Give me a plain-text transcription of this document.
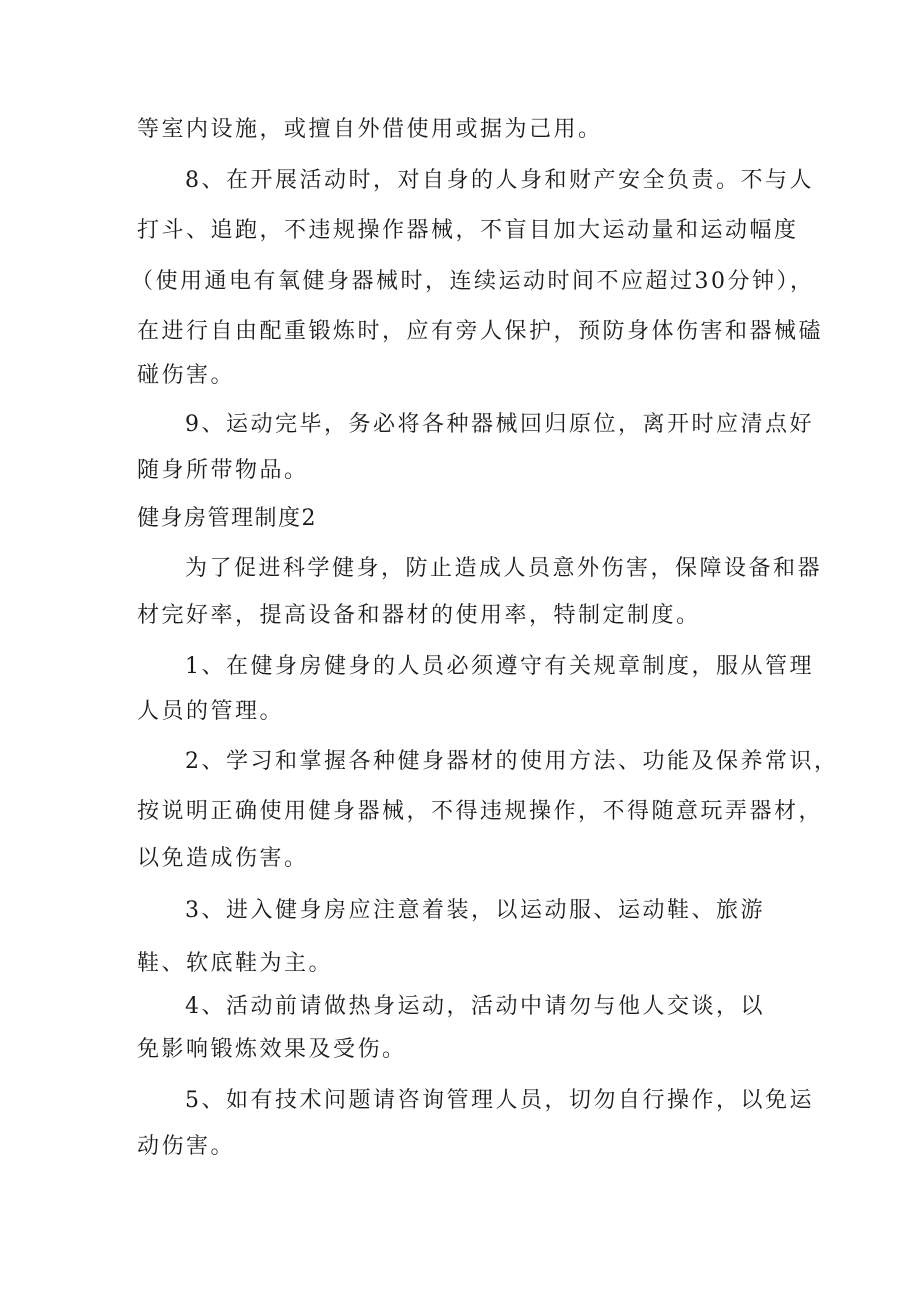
等室内设施，或擅自外借使用或据为己用。
8、在开展活动时，对自身的人身和财产安全负责。不与人
打斗、追跑，不违规操作器械，不盲目加大运动量和运动幅度
（使用通电有氧健身器械时，连续运动时间不应超过30分钟），
在进行自由配重锻炼时，应有旁人保护，预防身体伤害和器械磕
碰伤害。
9、运动完毕，务必将各种器械回归原位，离开时应清点好
随身所带物品。
健身房管理制度2
为了促进科学健身，防止造成人员意外伤害，保障设备和器
材完好率，提高设备和器材的使用率，特制定制度。
1、在健身房健身的人员必须遵守有关规章制度，服从管理
人员的管理。
2、学习和掌握各种健身器材的使用方法、功能及保养常识，
按说明正确使用健身器械，不得违规操作，不得随意玩弄器材，
以免造成伤害。
3、进入健身房应注意着装，以运动服、运动鞋、旅游
鞋、软底鞋为主。
4、活动前请做热身运动，活动中请勿与他人交谈，以
免影响锻炼效果及受伤。
5、如有技术问题请咨询管理人员，切勿自行操作，以免运
动伤害。
